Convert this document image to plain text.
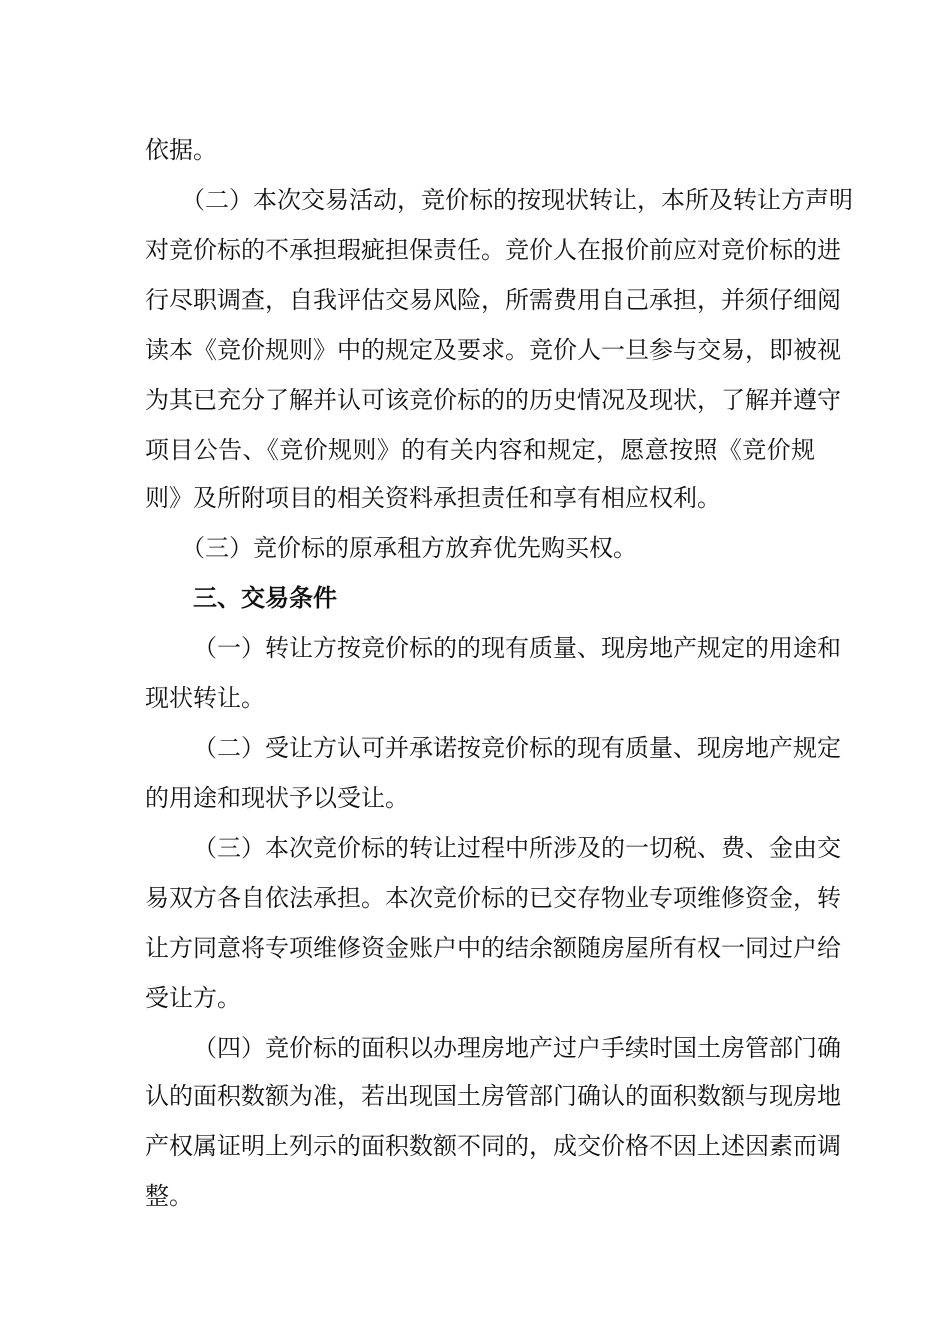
依据。
（二）本次交易活动，竞价标的按现状转让，本所及转让方声明
对竞价标的不承担瑕疵担保责任。竞价人在报价前应对竞价标的进
行尽职调查，自我评估交易风险，所需费用自己承担，并须仔细阅
读本《竞价规则》中的规定及要求。竞价人一旦参与交易，即被视
为其已充分了解并认可该竞价标的的历史情况及现状，了解并遵守
项目公告、《竞价规则》的有关内容和规定，愿意按照《竞价规
则》及所附项目的相关资料承担责任和享有相应权利。
（三）竞价标的原承租方放弃优先购买权。
三、交易条件
（一）转让方按竞价标的的现有质量、现房地产规定的用途和
现状转让。
（二）受让方认可并承诺按竞价标的现有质量、现房地产规定
的用途和现状予以受让。
（三）本次竞价标的转让过程中所涉及的一切税、费、金由交
易双方各自依法承担。本次竞价标的已交存物业专项维修资金，转
让方同意将专项维修资金账户中的结余额随房屋所有权一同过户给
受让方。
（四）竞价标的面积以办理房地产过户手续时国土房管部门确
认的面积数额为准，若出现国土房管部门确认的面积数额与现房地
产权属证明上列示的面积数额不同的，成交价格不因上述因素而调
整。
